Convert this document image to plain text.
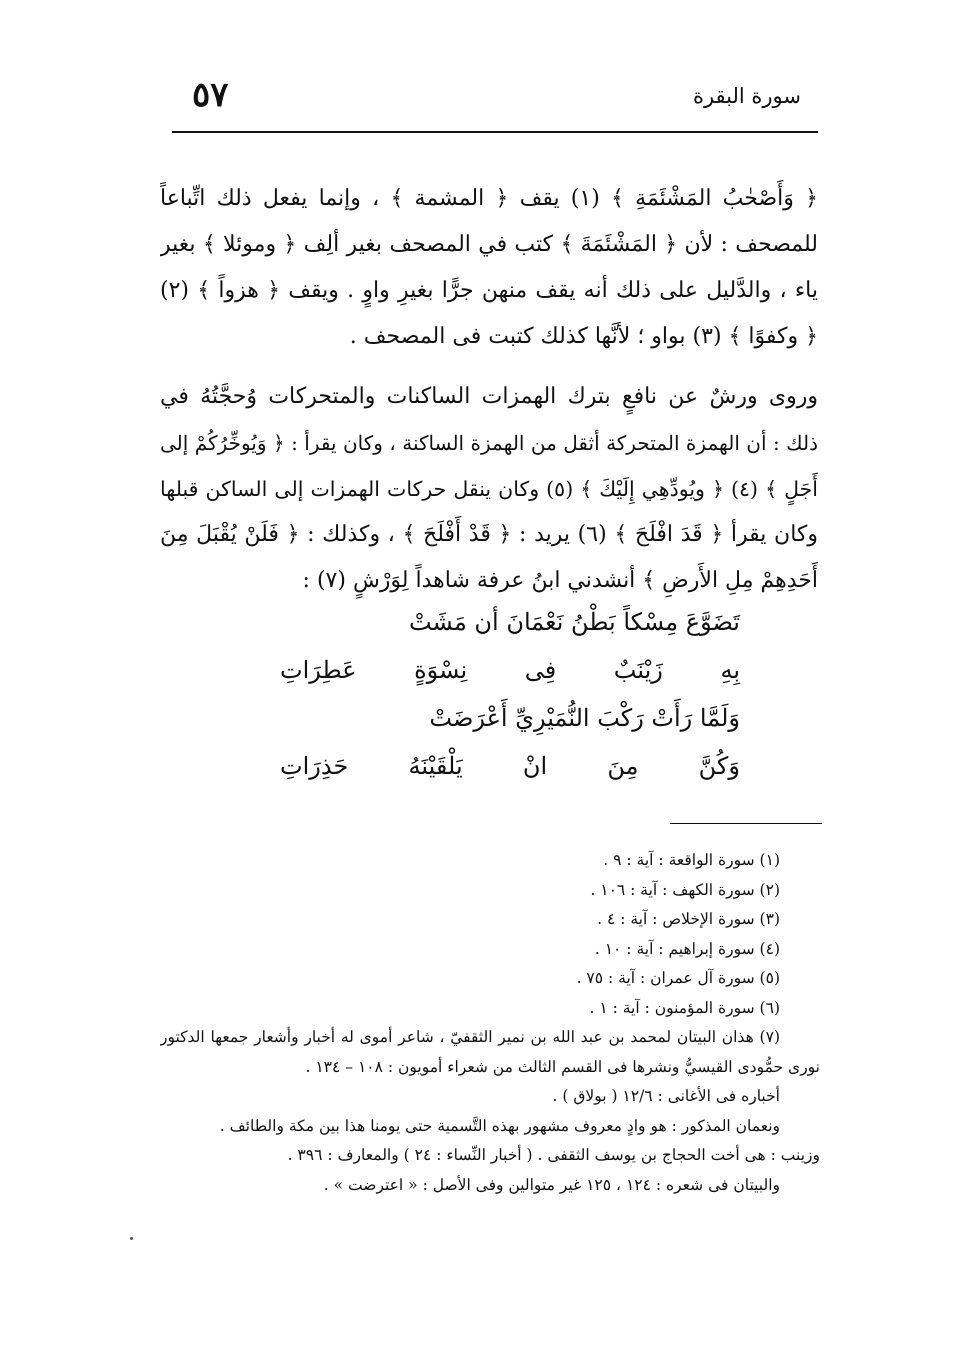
٥٧	سورة البقرة
﴿ وَأَصْحٰبُ المَشْئَمَةِ ﴾ (١) يقف ﴿ المشمة ﴾ ، وإنما يفعل ذلك اتِّباعاً
للمصحف : لأن ﴿ المَشْئَمَةَ ﴾ كتب في المصحف بغير ألِف ﴿ وموئلا ﴾ بغير
ياء ، والدَّليل على ذلك أنه يقف منهن جرًّا بغيرِ واوٍ . ويقف ﴿ هزواً ﴾ (٢)
﴿ وكفوًا ﴾ (٣) بواو ؛ لأنَّها كذلك كتبت فى المصحف .
وروى ورشٌ عن نافعٍ بترك الهمزات الساكنات والمتحركات وُحجَّتُهُ في
ذلك : أن الهمزة المتحركة أثقل من الهمزة الساكنة ، وكان يقرأ : ﴿ وَيُوخِّرُكُمْ إلى
أَجَلٍ ﴾ (٤) ﴿ ويُودِّهِي إِلَيْكَ ﴾ (٥) وكان ينقل حركات الهمزات إلى الساكن قبلها
وكان يقرأ ﴿ قَدَ افْلَحَ ﴾ (٦) يريد : ﴿ قَدْ أَفْلَحَ ﴾ ، وكذلك : ﴿ فَلَنْ يُقْبَلَ مِنَ
أَحَدِهِمْ مِلِ الأَرضِ ﴾ أنشدني ابنُ عرفة شاهداً لِوَرْشٍ (٧) :
تَضَوَّعَ مِسْكاً بَطْنُ نَعْمَانَ أن مَشَتْ
بِهِ زَيْنَبٌ فِى نِسْوَةٍ عَطِرَاتِ
وَلَمَّا رَأَتْ رَكْبَ النُّمَيْرِيِّ أَعْرَضَتْ
وَكُنَّ مِنَ انْ يَلْقَيْنَهُ حَذِرَاتِ
(١) سورة الواقعة : آية : ٩ .
(٢) سورة الكهف : آية : ١٠٦ .
(٣) سورة الإخلاص : آية : ٤ .
(٤) سورة إبراهيم : آية : ١٠ .
(٥) سورة آل عمران : آية : ٧٥ .
(٦) سورة المؤمنون : آية : ١ .
(٧) هذان البيتان لمحمد بن عبد الله بن نمير الثقفيّ ، شاعر أموى له أخبار وأشعار جمعها الدكتور
نورى حمُّودى القيسيُّ ونشرها فى القسم الثالث من شعراء أمويون : ١٠٨ – ١٣٤ .
أخباره فى الأغانى : ١٢/٦ ( بولاق ) .
ونعمان المذكور : هو وادٍ معروف مشهور بهذه التَّسمية حتى يومنا هذا بين مكة والطائف .
وزينب : هى أخت الحجاج بن يوسف الثقفى . ( أخبار النِّساء : ٢٤ ) والمعارف : ٣٩٦ .
والبيتان فى شعره : ١٢٤ ، ١٢٥ غير متوالين وفى الأصل : « اعترضت » .
